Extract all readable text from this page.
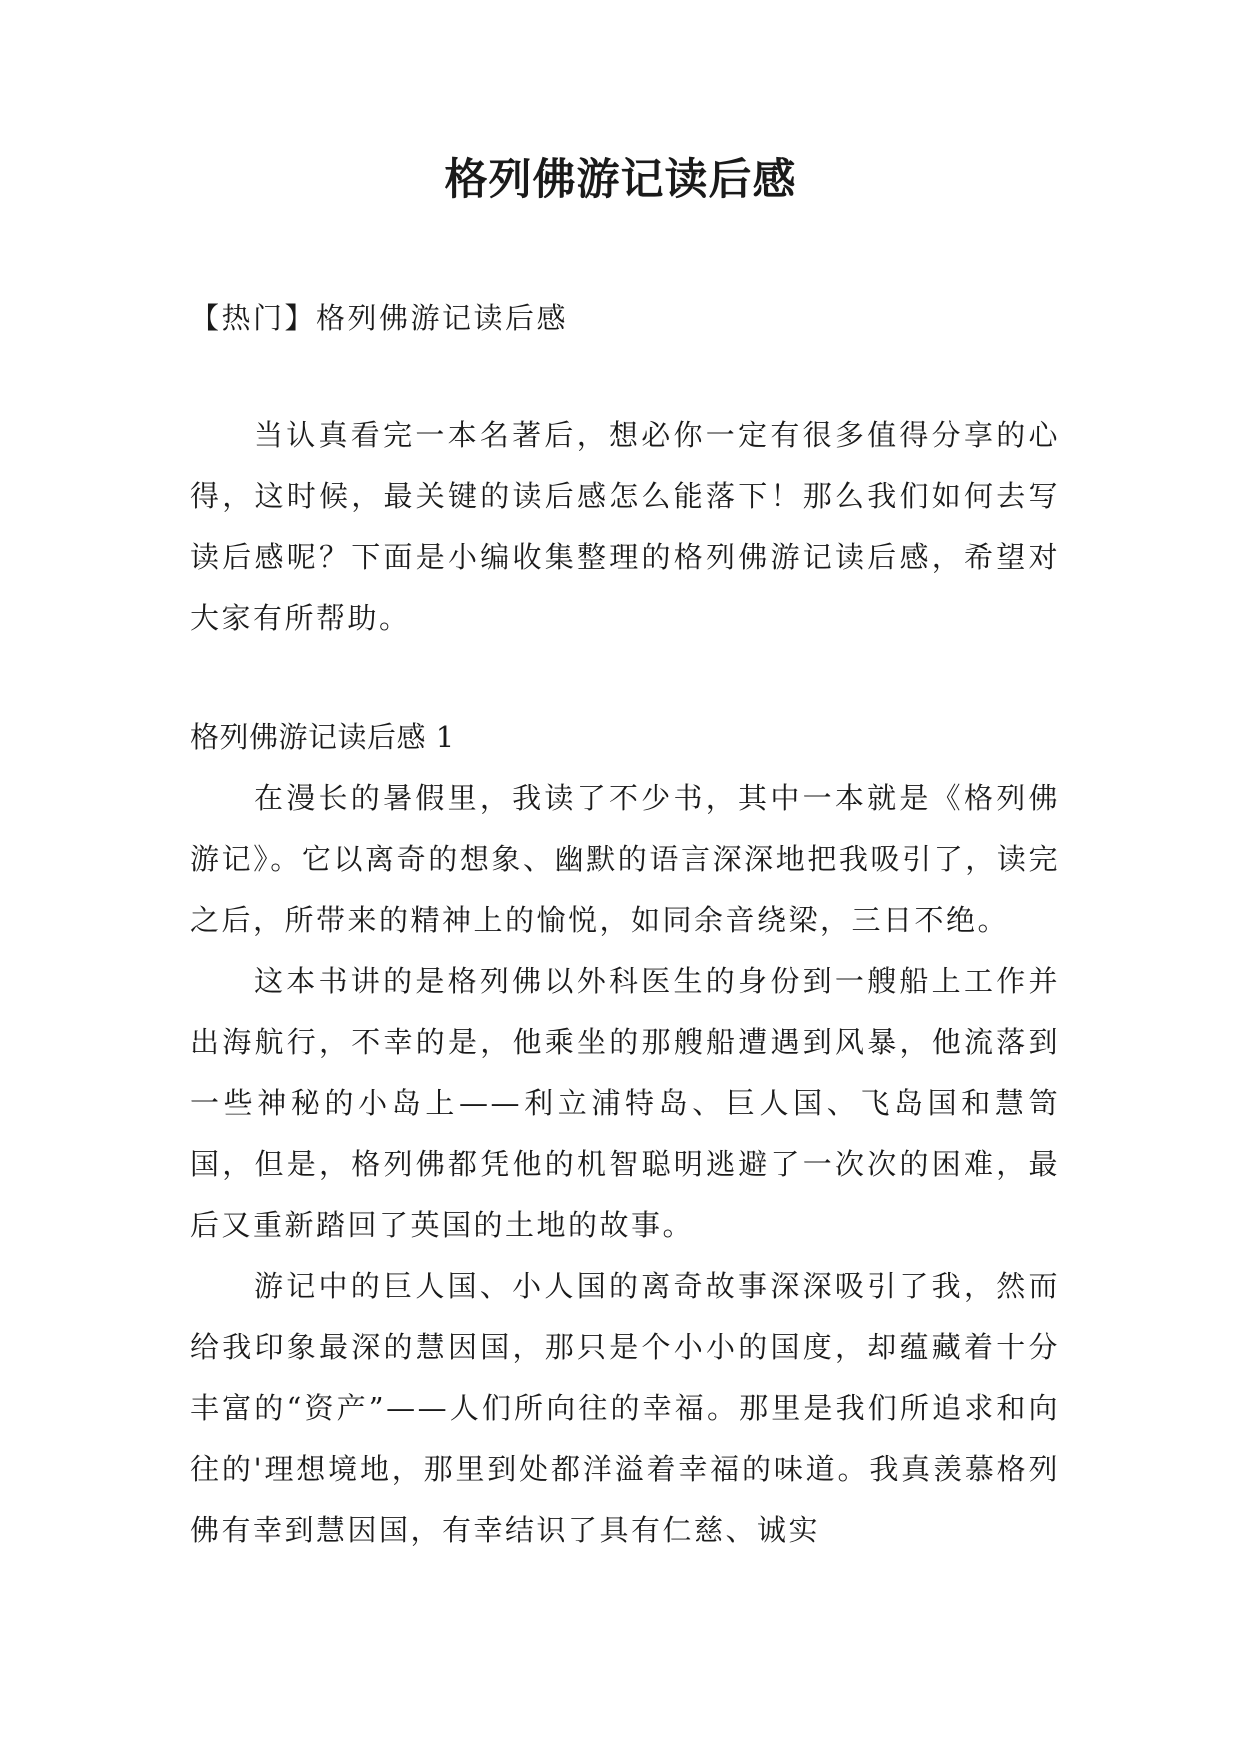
格列佛游记读后感

【热门】格列佛游记读后感

当认真看完一本名著后，想必你一定有很多值得分享的心得，这时候，最关键的读后感怎么能落下！那么我们如何去写读后感呢？下面是小编收集整理的格列佛游记读后感，希望对大家有所帮助。

格列佛游记读后感 1

在漫长的暑假里，我读了不少书，其中一本就是《格列佛游记》。它以离奇的想象、幽默的语言深深地把我吸引了，读完之后，所带来的精神上的愉悦，如同余音绕梁，三日不绝。

这本书讲的是格列佛以外科医生的身份到一艘船上工作并出海航行，不幸的是，他乘坐的那艘船遭遇到风暴，他流落到一些神秘的小岛上——利立浦特岛、巨人国、飞岛国和慧笥国，但是，格列佛都凭他的机智聪明逃避了一次次的困难，最后又重新踏回了英国的土地的故事。

游记中的巨人国、小人国的离奇故事深深吸引了我，然而给我印象最深的慧因国，那只是个小小的国度，却蕴藏着十分丰富的“资产”——人们所向往的幸福。那里是我们所追求和向往的'理想境地，那里到处都洋溢着幸福的味道。我真羡慕格列佛有幸到慧因国，有幸结识了具有仁慈、诚实
